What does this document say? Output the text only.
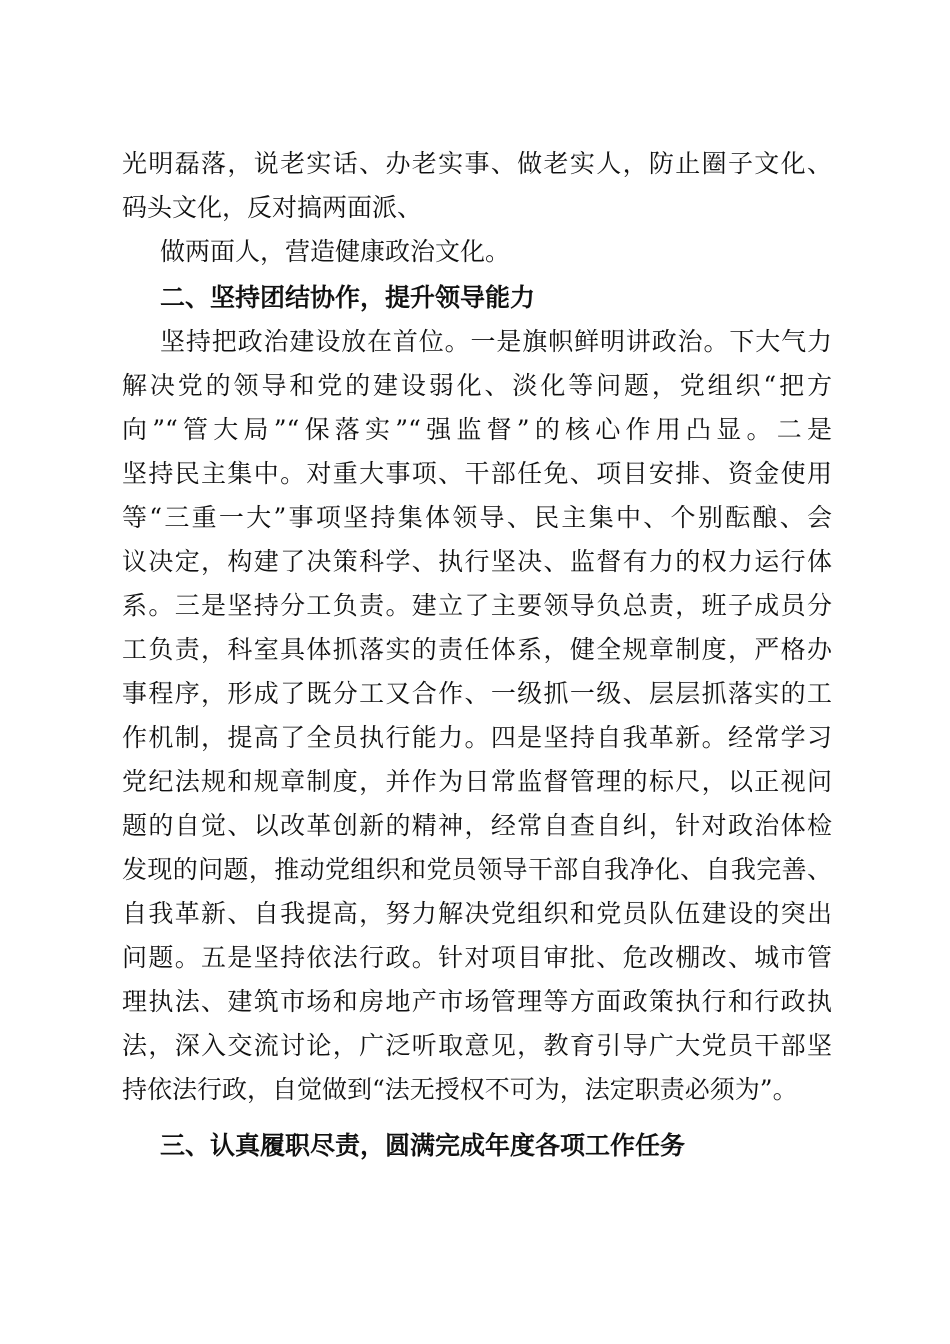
光明磊落，说老实话、办老实事、做老实人，防止圈子文化、
码头文化，反对搞两面派、
做两面人，营造健康政治文化。
二、坚持团结协作，提升领导能力
坚持把政治建设放在首位。一是旗帜鲜明讲政治。下大气力
解决党的领导和党的建设弱化、淡化等问题，党组织“把方
向”“管大局”“保落实”“强监督”的核心作用凸显。二是
坚持民主集中。对重大事项、干部任免、项目安排、资金使用
等“三重一大”事项坚持集体领导、民主集中、个别酝酿、会
议决定，构建了决策科学、执行坚决、监督有力的权力运行体
系。三是坚持分工负责。建立了主要领导负总责，班子成员分
工负责，科室具体抓落实的责任体系，健全规章制度，严格办
事程序，形成了既分工又合作、一级抓一级、层层抓落实的工
作机制，提高了全员执行能力。四是坚持自我革新。经常学习
党纪法规和规章制度，并作为日常监督管理的标尺，以正视问
题的自觉、以改革创新的精神，经常自查自纠，针对政治体检
发现的问题，推动党组织和党员领导干部自我净化、自我完善、
自我革新、自我提高，努力解决党组织和党员队伍建设的突出
问题。五是坚持依法行政。针对项目审批、危改棚改、城市管
理执法、建筑市场和房地产市场管理等方面政策执行和行政执
法，深入交流讨论，广泛听取意见，教育引导广大党员干部坚
持依法行政，自觉做到“法无授权不可为，法定职责必须为”。
三、认真履职尽责，圆满完成年度各项工作任务
